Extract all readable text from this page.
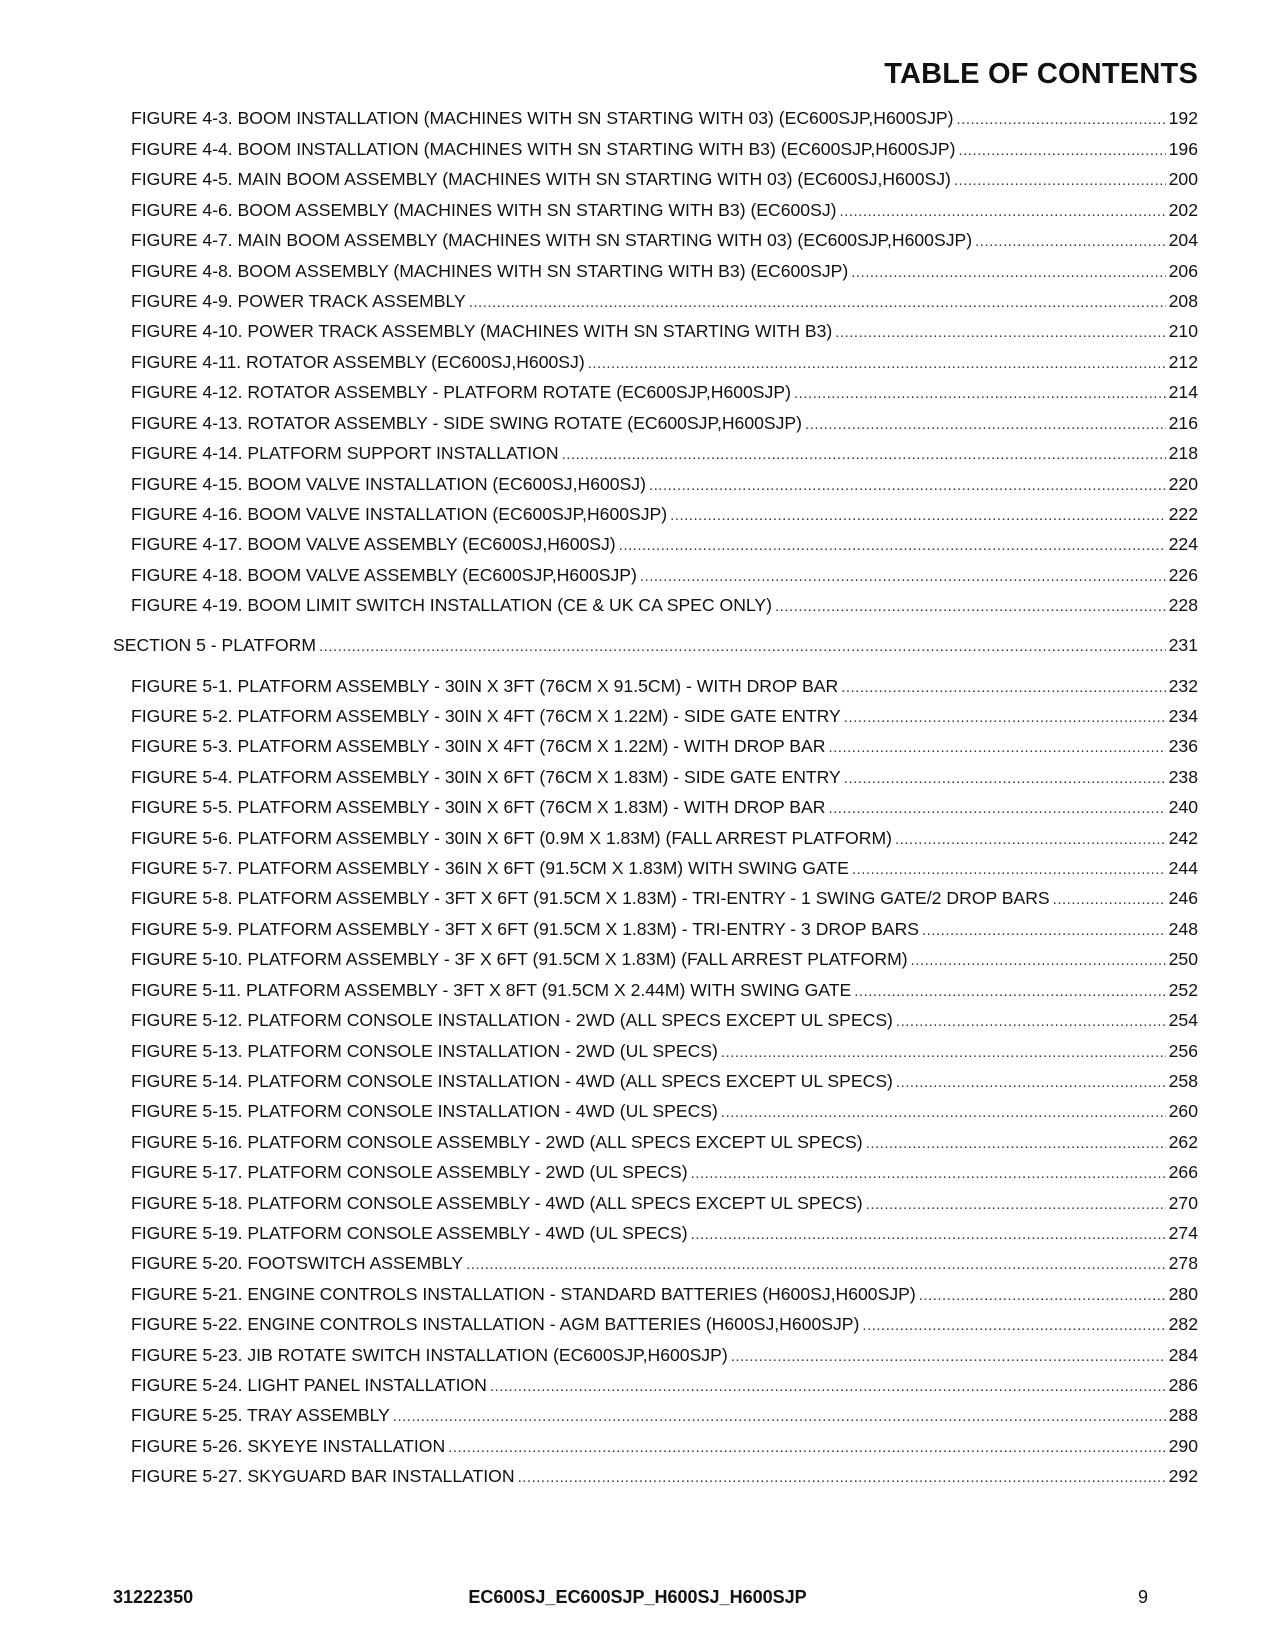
TABLE OF CONTENTS
FIGURE 4-3. BOOM INSTALLATION (MACHINES WITH SN STARTING WITH 03) (EC600SJP,H600SJP) .....	192
FIGURE 4-4. BOOM INSTALLATION (MACHINES WITH SN STARTING WITH B3) (EC600SJP,H600SJP) .....	196
FIGURE 4-5. MAIN BOOM ASSEMBLY (MACHINES WITH SN STARTING WITH 03) (EC600SJ,H600SJ) .....	200
FIGURE 4-6. BOOM ASSEMBLY (MACHINES WITH SN STARTING WITH B3) (EC600SJ) .....	202
FIGURE 4-7. MAIN BOOM ASSEMBLY (MACHINES WITH SN STARTING WITH 03) (EC600SJP,H600SJP) .....	204
FIGURE 4-8. BOOM ASSEMBLY (MACHINES WITH SN STARTING WITH B3) (EC600SJP) .....	206
FIGURE 4-9. POWER TRACK ASSEMBLY .....	208
FIGURE 4-10. POWER TRACK ASSEMBLY (MACHINES WITH SN STARTING WITH B3) .....	210
FIGURE 4-11. ROTATOR ASSEMBLY (EC600SJ,H600SJ) .....	212
FIGURE 4-12. ROTATOR ASSEMBLY - PLATFORM ROTATE (EC600SJP,H600SJP) .....	214
FIGURE 4-13. ROTATOR ASSEMBLY - SIDE SWING ROTATE (EC600SJP,H600SJP) .....	216
FIGURE 4-14. PLATFORM SUPPORT INSTALLATION .....	218
FIGURE 4-15. BOOM VALVE INSTALLATION (EC600SJ,H600SJ) .....	220
FIGURE 4-16. BOOM VALVE INSTALLATION (EC600SJP,H600SJP) .....	222
FIGURE 4-17. BOOM VALVE ASSEMBLY (EC600SJ,H600SJ) .....	224
FIGURE 4-18. BOOM VALVE ASSEMBLY (EC600SJP,H600SJP) .....	226
FIGURE 4-19. BOOM LIMIT SWITCH INSTALLATION (CE & UK CA SPEC ONLY) .....	228
SECTION 5 - PLATFORM .....	231
FIGURE 5-1. PLATFORM ASSEMBLY - 30IN X 3FT (76CM X 91.5CM) - WITH DROP BAR .....	232
FIGURE 5-2. PLATFORM ASSEMBLY - 30IN X 4FT (76CM X 1.22M) - SIDE GATE ENTRY .....	234
FIGURE 5-3. PLATFORM ASSEMBLY - 30IN X 4FT (76CM X 1.22M) - WITH DROP BAR .....	236
FIGURE 5-4. PLATFORM ASSEMBLY - 30IN X 6FT (76CM X 1.83M) - SIDE GATE ENTRY .....	238
FIGURE 5-5. PLATFORM ASSEMBLY - 30IN X 6FT (76CM X 1.83M) - WITH DROP BAR .....	240
FIGURE 5-6. PLATFORM ASSEMBLY - 30IN X 6FT (0.9M X 1.83M) (FALL ARREST PLATFORM) .....	242
FIGURE 5-7. PLATFORM ASSEMBLY - 36IN X 6FT (91.5CM X 1.83M) WITH SWING GATE .....	244
FIGURE 5-8. PLATFORM ASSEMBLY - 3FT X 6FT (91.5CM X 1.83M) - TRI-ENTRY - 1 SWING GATE/2 DROP BARS .....	246
FIGURE 5-9. PLATFORM ASSEMBLY - 3FT X 6FT (91.5CM X 1.83M) - TRI-ENTRY - 3 DROP BARS .....	248
FIGURE 5-10. PLATFORM ASSEMBLY - 3F X 6FT (91.5CM X 1.83M) (FALL ARREST PLATFORM) .....	250
FIGURE 5-11. PLATFORM ASSEMBLY - 3FT X 8FT (91.5CM X 2.44M) WITH SWING GATE .....	252
FIGURE 5-12. PLATFORM CONSOLE INSTALLATION - 2WD (ALL SPECS EXCEPT UL SPECS) .....	254
FIGURE 5-13. PLATFORM CONSOLE INSTALLATION - 2WD (UL SPECS) .....	256
FIGURE 5-14. PLATFORM CONSOLE INSTALLATION - 4WD (ALL SPECS EXCEPT UL SPECS) .....	258
FIGURE 5-15. PLATFORM CONSOLE INSTALLATION - 4WD (UL SPECS) .....	260
FIGURE 5-16. PLATFORM CONSOLE ASSEMBLY - 2WD (ALL SPECS EXCEPT UL SPECS) .....	262
FIGURE 5-17. PLATFORM CONSOLE ASSEMBLY - 2WD (UL SPECS) .....	266
FIGURE 5-18. PLATFORM CONSOLE ASSEMBLY - 4WD (ALL SPECS EXCEPT UL SPECS) .....	270
FIGURE 5-19. PLATFORM CONSOLE ASSEMBLY - 4WD (UL SPECS) .....	274
FIGURE 5-20. FOOTSWITCH ASSEMBLY .....	278
FIGURE 5-21. ENGINE CONTROLS INSTALLATION - STANDARD BATTERIES (H600SJ,H600SJP) .....	280
FIGURE 5-22. ENGINE CONTROLS INSTALLATION - AGM BATTERIES (H600SJ,H600SJP) .....	282
FIGURE 5-23. JIB ROTATE SWITCH INSTALLATION (EC600SJP,H600SJP) .....	284
FIGURE 5-24. LIGHT PANEL INSTALLATION .....	286
FIGURE 5-25. TRAY ASSEMBLY .....	288
FIGURE 5-26. SKYEYE INSTALLATION .....	290
FIGURE 5-27. SKYGUARD BAR INSTALLATION .....	292
31222350	EC600SJ_EC600SJP_H600SJ_H600SJP	9
